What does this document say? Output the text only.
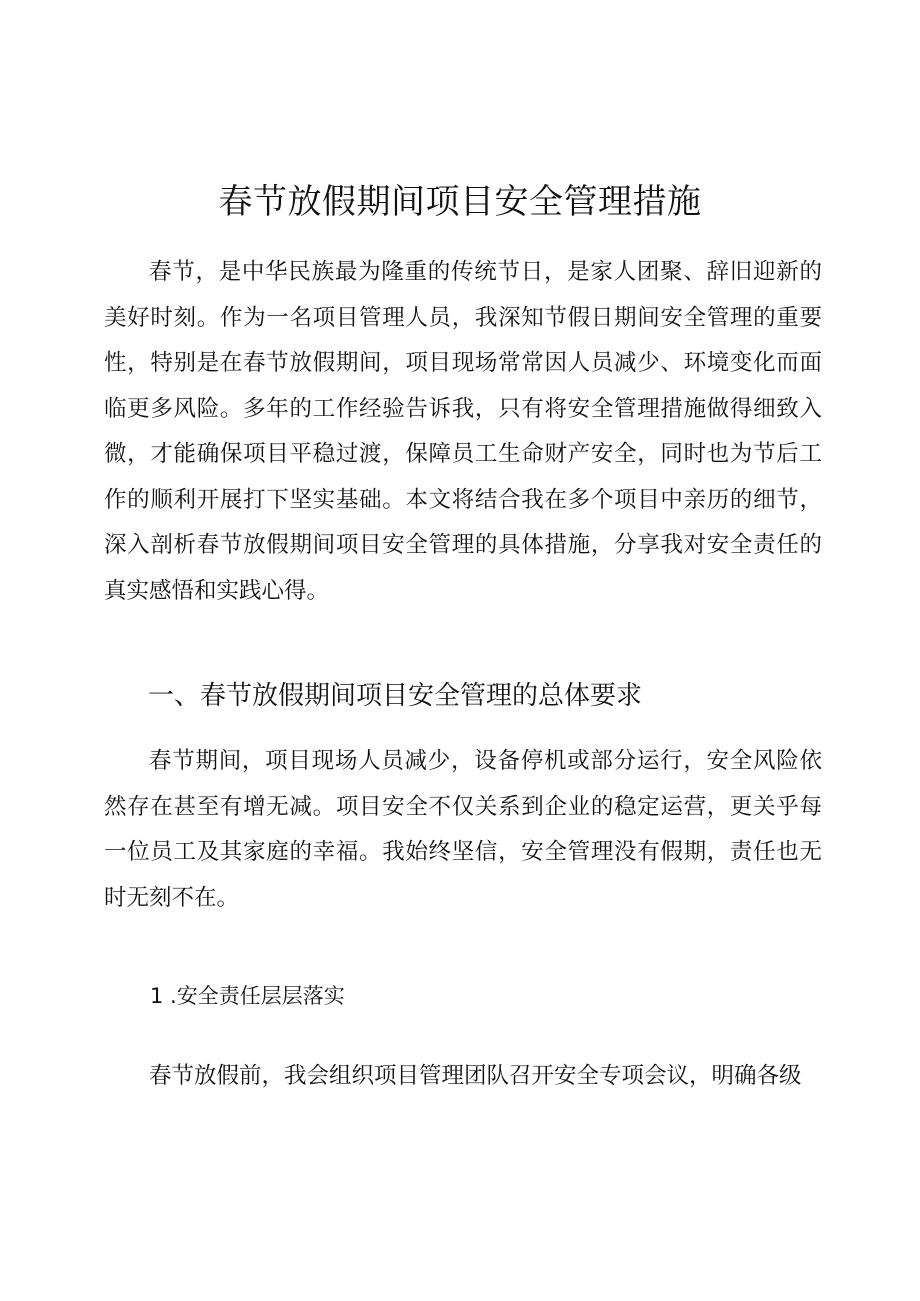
春节放假期间项目安全管理措施

春节，是中华民族最为隆重的传统节日，是家人团聚、辞旧迎新的美好时刻。作为一名项目管理人员，我深知节假日期间安全管理的重要性，特别是在春节放假期间，项目现场常常因人员减少、环境变化而面临更多风险。多年的工作经验告诉我，只有将安全管理措施做得细致入微，才能确保项目平稳过渡，保障员工生命财产安全，同时也为节后工作的顺利开展打下坚实基础。本文将结合我在多个项目中亲历的细节，深入剖析春节放假期间项目安全管理的具体措施，分享我对安全责任的真实感悟和实践心得。

一、春节放假期间项目安全管理的总体要求

春节期间，项目现场人员减少，设备停机或部分运行，安全风险依然存在甚至有增无减。项目安全不仅关系到企业的稳定运营，更关乎每一位员工及其家庭的幸福。我始终坚信，安全管理没有假期，责任也无时无刻不在。

1 .安全责任层层落实

春节放假前，我会组织项目管理团队召开安全专项会议，明确各级
